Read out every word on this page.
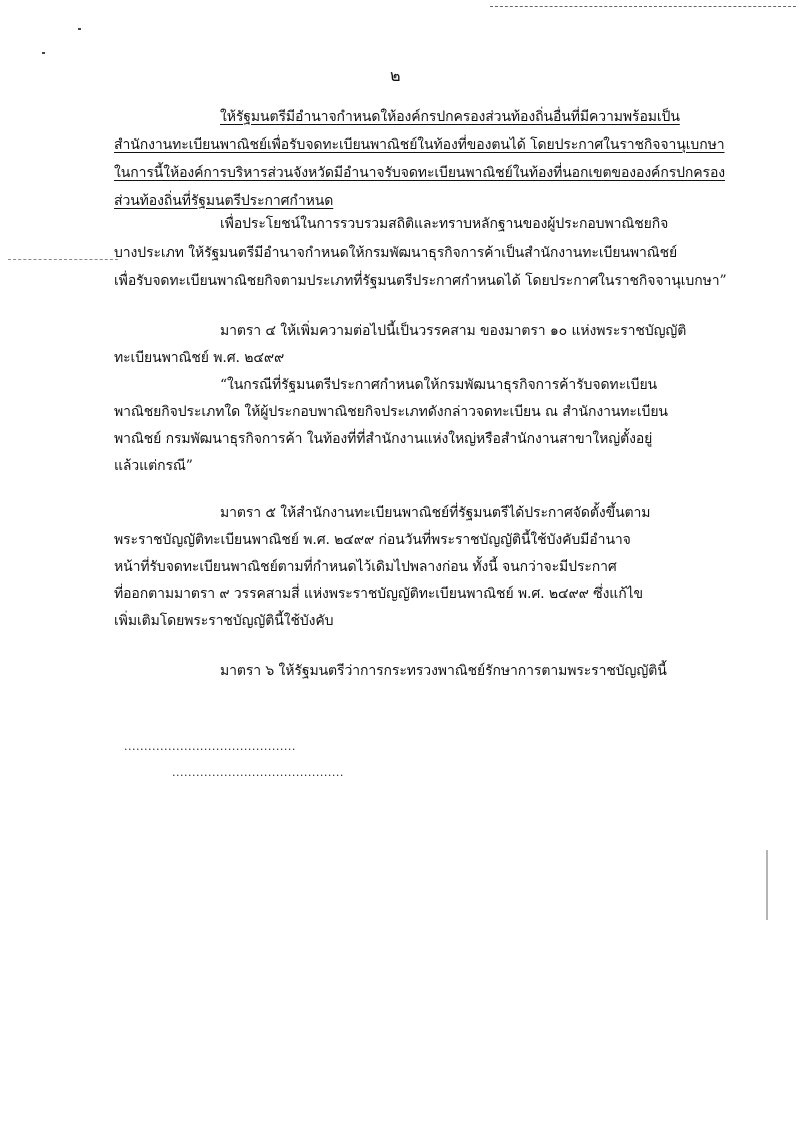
๒
ให้รัฐมนตรีมีอำนาจกำหนดให้องค์กรปกครองส่วนท้องถิ่นอื่นที่มีความพร้อมเป็น
สำนักงานทะเบียนพาณิชย์เพื่อรับจดทะเบียนพาณิชย์ในท้องที่ของตนได้ โดยประกาศในราชกิจจานุเบกษา
ในการนี้ให้องค์การบริหารส่วนจังหวัดมีอำนาจรับจดทะเบียนพาณิชย์ในท้องที่นอกเขตขององค์กรปกครอง
ส่วนท้องถิ่นที่รัฐมนตรีประกาศกำหนด
เพื่อประโยชน์ในการรวบรวมสถิติและทราบหลักฐานของผู้ประกอบพาณิชยกิจ
บางประเภท ให้รัฐมนตรีมีอำนาจกำหนดให้กรมพัฒนาธุรกิจการค้าเป็นสำนักงานทะเบียนพาณิชย์
เพื่อรับจดทะเบียนพาณิชยกิจตามประเภทที่รัฐมนตรีประกาศกำหนดได้ โดยประกาศในราชกิจจานุเบกษา”
มาตรา ๔ ให้เพิ่มความต่อไปนี้เป็นวรรคสาม ของมาตรา ๑๐ แห่งพระราชบัญญัติ
ทะเบียนพาณิชย์ พ.ศ. ๒๔๙๙
“ในกรณีที่รัฐมนตรีประกาศกำหนดให้กรมพัฒนาธุรกิจการค้ารับจดทะเบียน
พาณิชยกิจประเภทใด ให้ผู้ประกอบพาณิชยกิจประเภทดังกล่าวจดทะเบียน ณ สำนักงานทะเบียน
พาณิชย์ กรมพัฒนาธุรกิจการค้า ในท้องที่ที่สำนักงานแห่งใหญ่หรือสำนักงานสาขาใหญ่ตั้งอยู่
แล้วแต่กรณี”
มาตรา ๕ ให้สำนักงานทะเบียนพาณิชย์ที่รัฐมนตรีได้ประกาศจัดตั้งขึ้นตาม
พระราชบัญญัติทะเบียนพาณิชย์ พ.ศ. ๒๔๙๙ ก่อนวันที่พระราชบัญญัตินี้ใช้บังคับมีอำนาจ
หน้าที่รับจดทะเบียนพาณิชย์ตามที่กำหนดไว้เดิมไปพลางก่อน ทั้งนี้ จนกว่าจะมีประกาศ
ที่ออกตามมาตรา ๙ วรรคสามสี่ แห่งพระราชบัญญัติทะเบียนพาณิชย์ พ.ศ. ๒๔๙๙ ซึ่งแก้ไข
เพิ่มเติมโดยพระราชบัญญัตินี้ใช้บังคับ
มาตรา ๖ ให้รัฐมนตรีว่าการกระทรวงพาณิชย์รักษาการตามพระราชบัญญัตินี้
...........................................
...........................................
